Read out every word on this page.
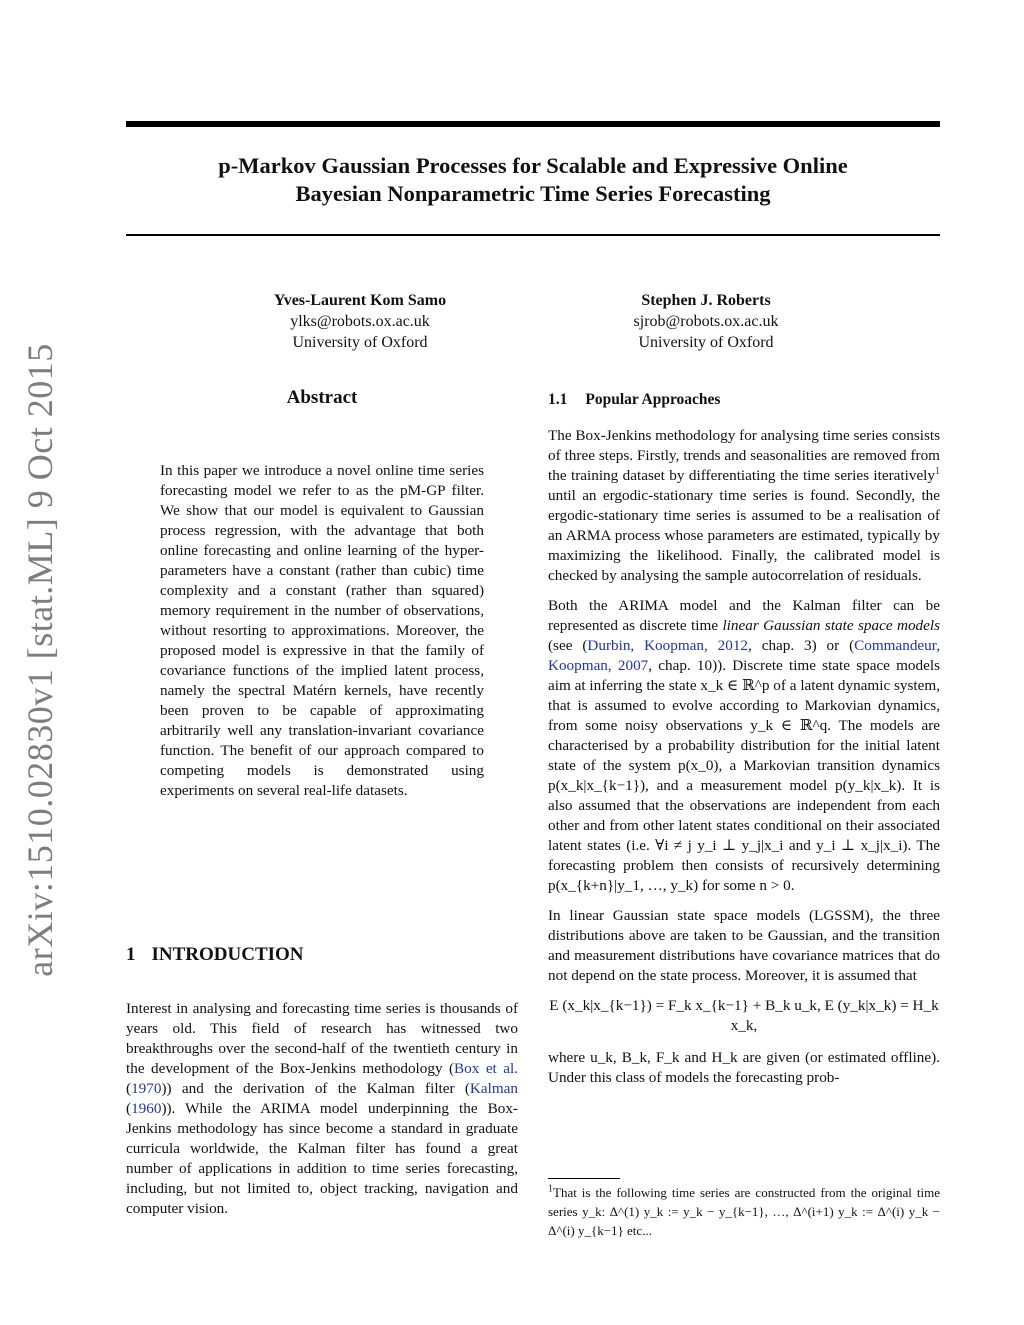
p-Markov Gaussian Processes for Scalable and Expressive Online
Bayesian Nonparametric Time Series Forecasting
Yves-Laurent Kom Samo
ylks@robots.ox.ac.uk
University of Oxford
Stephen J. Roberts
sjrob@robots.ox.ac.uk
University of Oxford
arXiv:1510.02830v1 [stat.ML] 9 Oct 2015	Abstract

In this paper we introduce a novel online time series forecasting model we refer to as the pM-GP filter. We show that our model is equivalent to Gaussian process regression, with the advantage that both online forecasting and online learning of the hyper-parameters have a constant (rather than cubic) time complexity and a constant (rather than squared) memory requirement in the number of observations, without resorting to approximations. Moreover, the proposed model is expressive in that the family of covariance functions of the implied latent process, namely the spectral Matérn kernels, have recently been proven to be capable of approximating arbitrarily well any translation-invariant covariance function. The benefit of our approach compared to competing models is demonstrated using experiments on several real-life datasets.

1 INTRODUCTION

Interest in analysing and forecasting time series is thousands of years old. This field of research has witnessed two breakthroughs over the second-half of the twentieth century in the development of the Box-Jenkins methodology (Box et al. (1970)) and the derivation of the Kalman filter (Kalman (1960)). While the ARIMA model underpinning the Box-Jenkins methodology has since become a standard in graduate curricula worldwide, the Kalman filter has found a great number of applications in addition to time series forecasting, including, but not limited to, object tracking, navigation and computer vision.

1.1 Popular Approaches

The Box-Jenkins methodology for analysing time series consists of three steps. Firstly, trends and seasonalities are removed from the training dataset by differentiating the time series iteratively$^1$ until an ergodic-stationary time series is found. Secondly, the ergodic-stationary time series is assumed to be a realisation of an ARMA process whose parameters are estimated, typically by maximizing the likelihood. Finally, the calibrated model is checked by analysing the sample autocorrelation of residuals.

Both the ARIMA model and the Kalman filter can be represented as discrete time linear Gaussian state space models (see (Durbin, Koopman, 2012, chap. 3) or (Commandeur, Koopman, 2007, chap. 10)). Discrete time state space models aim at inferring the state x_k ∈ ℝ^p of a latent dynamic system, that is assumed to evolve according to Markovian dynamics, from some noisy observations y_k ∈ ℝ^q. The models are characterised by a probability distribution for the initial latent state of the system p(x_0), a Markovian transition dynamics p(x_k|x_{k−1}), and a measurement model p(y_k|x_k). It is also assumed that the observations are independent from each other and from other latent states conditional on their associated latent states (i.e. ∀i ≠ j y_i ⊥ y_j|x_i and y_i ⊥ x_j|x_i). The forecasting problem then consists of recursively determining p(x_{k+n}|y_1, …, y_k) for some n > 0.

In linear Gaussian state space models (LGSSM), the three distributions above are taken to be Gaussian, and the transition and measurement distributions have covariance matrices that do not depend on the state process. Moreover, it is assumed that

E (x_k|x_{k−1}) = F_k x_{k−1} + B_k u_k, E (y_k|x_k) = H_k x_k,

where u_k, B_k, F_k and H_k are given (or estimated offline). Under this class of models the forecasting prob-

$^1$That is the following time series are constructed from the original time series y_k: Δ^(1) y_k := y_k − y_{k−1}, …, Δ^(i+1) y_k := Δ^(i) y_k − Δ^(i) y_{k−1} etc...
